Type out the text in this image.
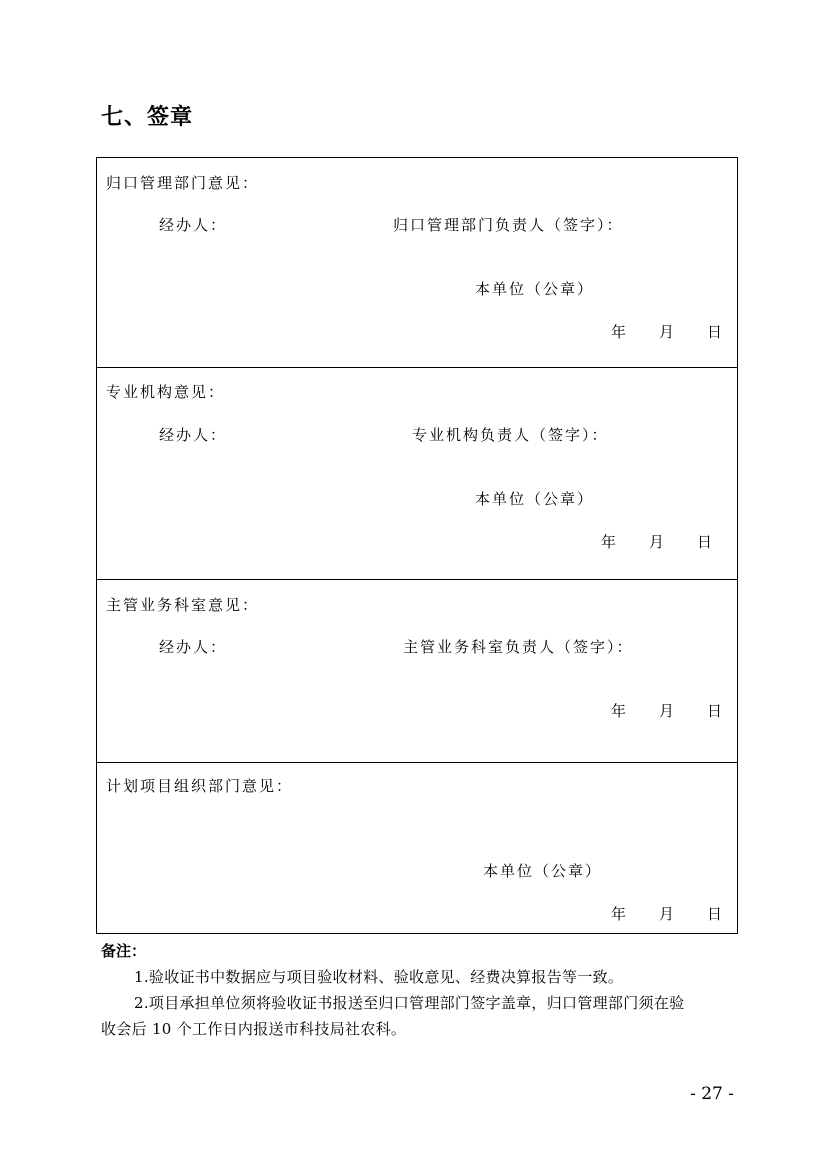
七、签章
归口管理部门意见：
经办人：	归口管理部门负责人（签字）：
本单位（公章）
年 月 日
专业机构意见：
经办人：	专业机构负责人（签字）：
本单位（公章）
年 月 日
主管业务科室意见：
经办人：	主管业务科室负责人（签字）：
年 月 日
计划项目组织部门意见：
本单位（公章）
年 月 日
备注：
1.验收证书中数据应与项目验收材料、验收意见、经费决算报告等一致。
2.项目承担单位须将验收证书报送至归口管理部门签字盖章，归口管理部门须在验
收会后 10 个工作日内报送市科技局社农科。
- 27 -
